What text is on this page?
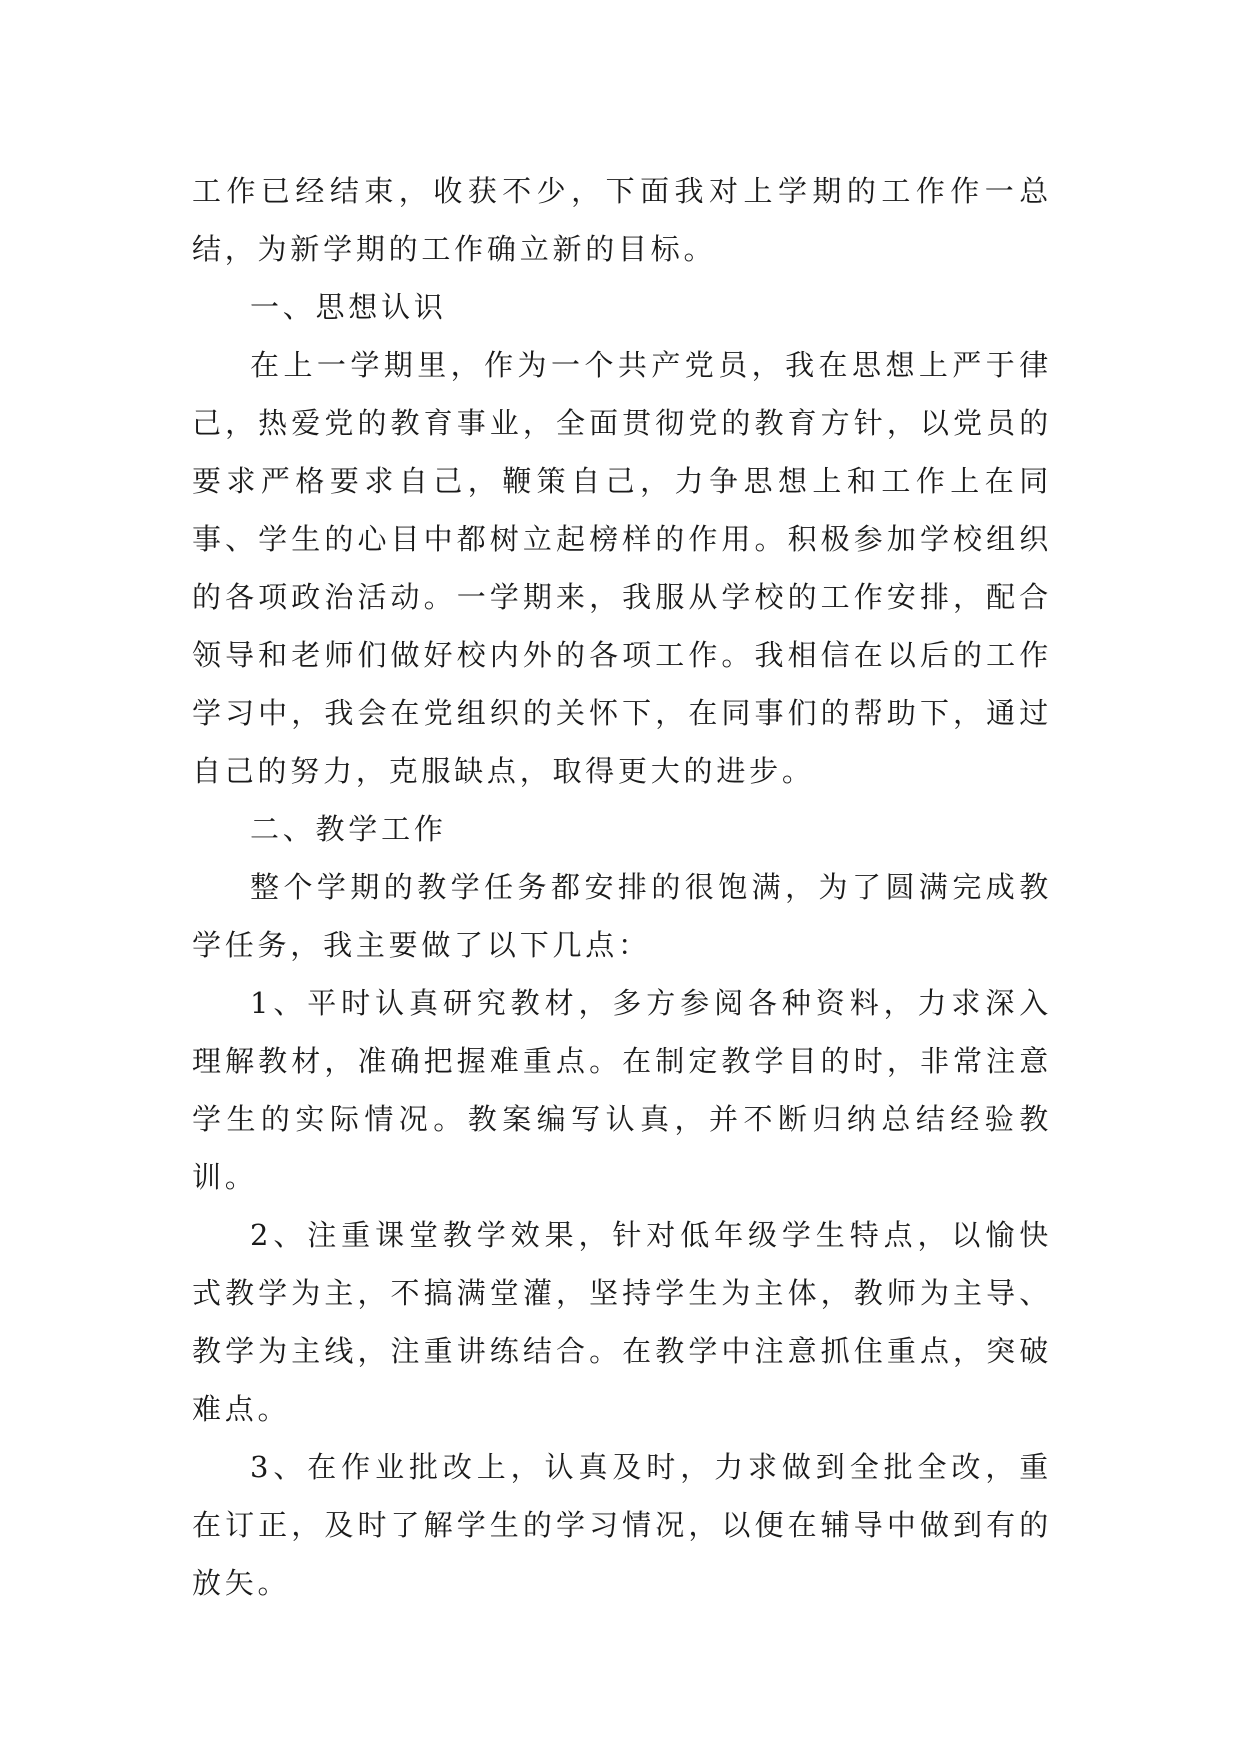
工作已经结束，收获不少，下面我对上学期的工作作一总结，为新学期的工作确立新的目标。

一、思想认识

在上一学期里，作为一个共产党员，我在思想上严于律己，热爱党的教育事业，全面贯彻党的教育方针，以党员的要求严格要求自己，鞭策自己，力争思想上和工作上在同事、学生的心目中都树立起榜样的作用。积极参加学校组织的各项政治活动。一学期来，我服从学校的工作安排，配合领导和老师们做好校内外的各项工作。我相信在以后的工作学习中，我会在党组织的关怀下，在同事们的帮助下，通过自己的努力，克服缺点，取得更大的进步。

二、教学工作

整个学期的教学任务都安排的很饱满，为了圆满完成教学任务，我主要做了以下几点：

1、平时认真研究教材，多方参阅各种资料，力求深入理解教材，准确把握难重点。在制定教学目的时，非常注意学生的实际情况。教案编写认真，并不断归纳总结经验教训。

2、注重课堂教学效果，针对低年级学生特点，以愉快式教学为主，不搞满堂灌，坚持学生为主体，教师为主导、教学为主线，注重讲练结合。在教学中注意抓住重点，突破难点。

3、在作业批改上，认真及时，力求做到全批全改，重在订正，及时了解学生的学习情况，以便在辅导中做到有的放矢。
